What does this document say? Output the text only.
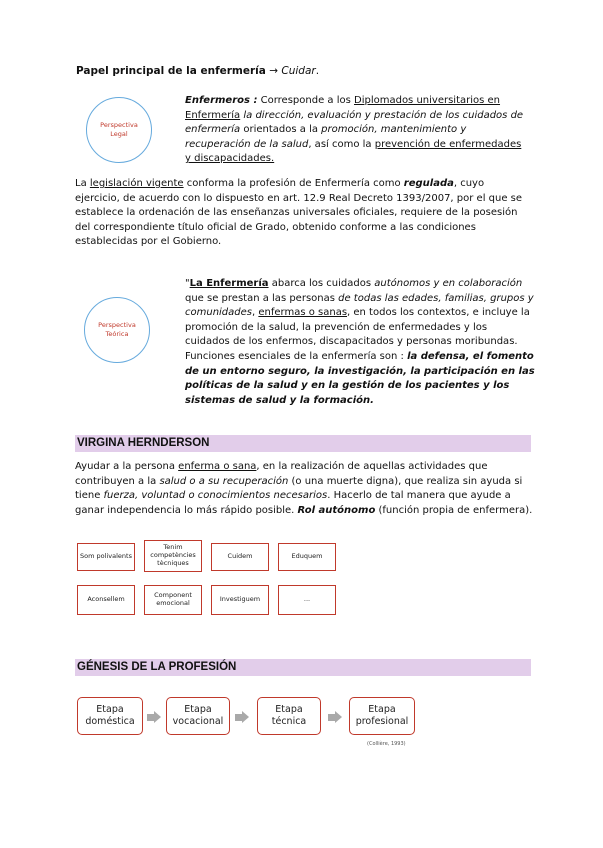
Papel principal de la enfermería → Cuidar.
Perspectiva
Legal
Enfermeros : Corresponde a los Diplomados universitarios en Enfermería la dirección, evaluación y prestación de los cuidados de enfermería orientados a la promoción, mantenimiento y recuperación de la salud, así como la prevención de enfermedades y discapacidades.
La legislación vigente conforma la profesión de Enfermería como regulada, cuyo ejercicio, de acuerdo con lo dispuesto en art. 12.9 Real Decreto 1393/2007, por el que se establece la ordenación de las enseñanzas universales oficiales, requiere de la posesión del correspondiente título oficial de Grado, obtenido conforme a las condiciones establecidas por el Gobierno.
Perspectiva
Teórica
"La Enfermería abarca los cuidados autónomos y en colaboración que se prestan a las personas de todas las edades, familias, grupos y comunidades, enfermas o sanas, en todos los contextos, e incluye la promoción de la salud, la prevención de enfermedades y los cuidados de los enfermos, discapacitados y personas moribundas. Funciones esenciales de la enfermería son : la defensa, el fomento de un entorno seguro, la investigación, la participación en las políticas de la salud y en la gestión de los pacientes y los sistemas de salud y la formación.
VIRGINA HERNDERSON
Ayudar a la persona enferma o sana, en la realización de aquellas actividades que contribuyen a la salud o a su recuperación (o una muerte digna), que realiza sin ayuda si tiene fuerza, voluntad o conocimientos necesarios. Hacerlo de tal manera que ayude a ganar independencia lo más rápido posible. Rol autónomo (función propia de enfermera).
Som polivalents
Tenim
competències
tècniques
Cuidem	Eduquem
Aconsellem	Component
emocional	Investiguem	...
GÉNESIS DE LA PROFESIÓN
Etapa
doméstica
Etapa
vocacional
Etapa
técnica
Etapa
profesional
(Collière, 1993)
